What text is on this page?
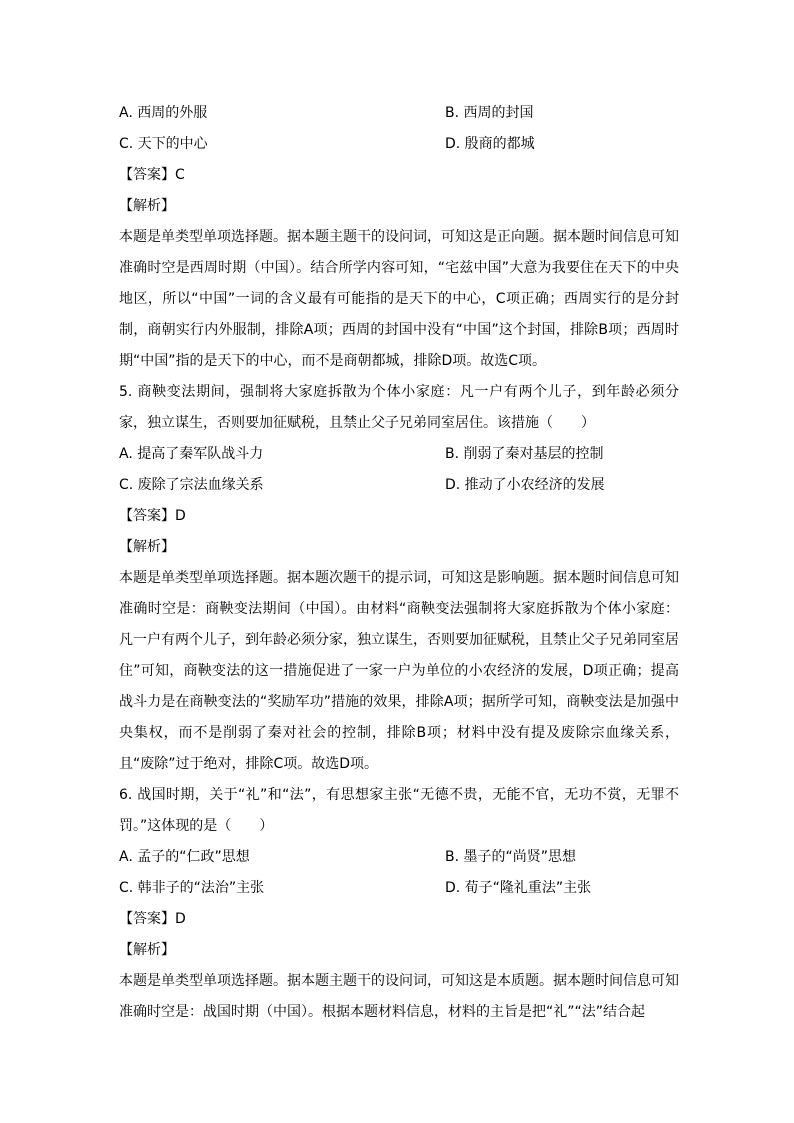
A. 西周的外服	B. 西周的封国
C. 天下的中心	D. 殷商的都城
【答案】C
【解析】
本题是单类型单项选择题。据本题主题干的设问词，可知这是正向题。据本题时间信息可知准确时空是西周时期（中国）。结合所学内容可知，“宅兹中国”大意为我要住在天下的中央地区，所以“中国”一词的含义最有可能指的是天下的中心，C项正确；西周实行的是分封制，商朝实行内外服制，排除A项；西周的封国中没有“中国”这个封国，排除B项；西周时期“中国”指的是天下的中心，而不是商朝都城，排除D项。故选C项。
5. 商鞅变法期间，强制将大家庭拆散为个体小家庭：凡一户有两个儿子，到年龄必须分家，独立谋生，否则要加征赋税，且禁止父子兄弟同室居住。该措施（　　）
A. 提高了秦军队战斗力	B. 削弱了秦对基层的控制
C. 废除了宗法血缘关系	D. 推动了小农经济的发展
【答案】D
【解析】
本题是单类型单项选择题。据本题次题干的提示词，可知这是影响题。据本题时间信息可知准确时空是：商鞅变法期间（中国）。由材料“商鞅变法强制将大家庭拆散为个体小家庭：凡一户有两个儿子，到年龄必须分家，独立谋生，否则要加征赋税，且禁止父子兄弟同室居住”可知，商鞅变法的这一措施促进了一家一户为单位的小农经济的发展，D项正确；提高战斗力是在商鞅变法的“奖励军功”措施的效果，排除A项；据所学可知，商鞅变法是加强中央集权，而不是削弱了秦对社会的控制，排除B项；材料中没有提及废除宗血缘关系，且“废除”过于绝对，排除C项。故选D项。
6. 战国时期，关于“礼”和“法”，有思想家主张“无德不贵，无能不官，无功不赏，无罪不罚。”这体现的是（　　）
A. 孟子的“仁政”思想	B. 墨子的“尚贤”思想
C. 韩非子的“法治”主张	D. 荀子“隆礼重法”主张
【答案】D
【解析】
本题是单类型单项选择题。据本题主题干的设问词，可知这是本质题。据本题时间信息可知准确时空是：战国时期（中国）。根据本题材料信息，材料的主旨是把“礼”“法”结合起
